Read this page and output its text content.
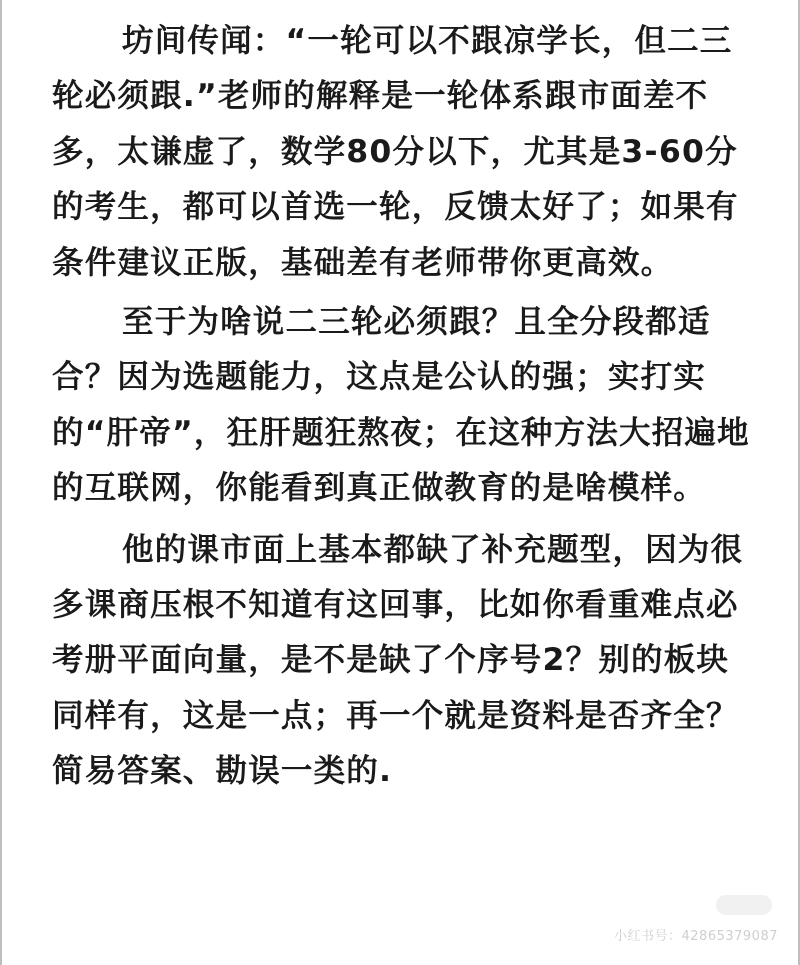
坊间传闻：“一轮可以不跟凉学长，但二三轮必须跟.”老师的解释是一轮体系跟市面差不多，太谦虚了，数学80分以下，尤其是3-60分的考生，都可以首选一轮，反馈太好了；如果有条件建议正版，基础差有老师带你更高效。

至于为啥说二三轮必须跟？且全分段都适合？因为选题能力，这点是公认的强；实打实的“肝帝”，狂肝题狂熬夜；在这种方法大招遍地的互联网，你能看到真正做教育的是啥模样。

他的课市面上基本都缺了补充题型，因为很多课商压根不知道有这回事，比如你看重难点必考册平面向量，是不是缺了个序号2？别的板块同样有，这是一点；再一个就是资料是否齐全？简易答案、勘误一类的.

小红书号：42865379087
